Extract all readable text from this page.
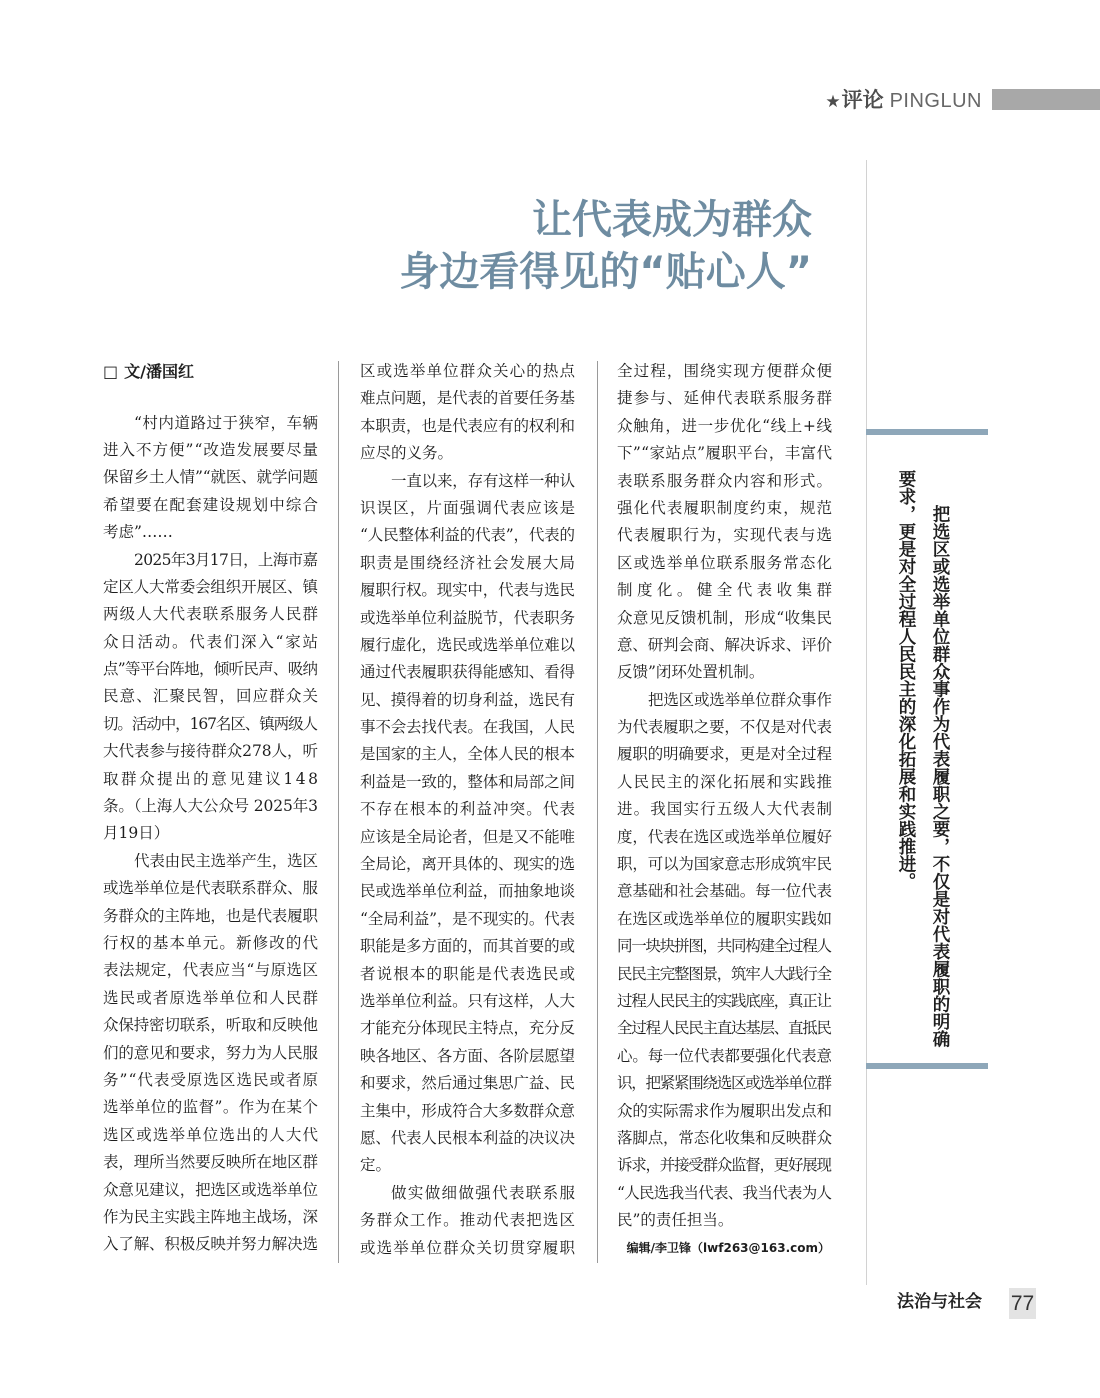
★评论 PINGLUN
让代表成为群众
身边看得见的“贴心人”
□ 文/潘国红
“村内道路过于狭窄，车辆
进入不方便”“改造发展要尽量
保留乡土人情”“就医、就学问题
希望要在配套建设规划中综合
考虑”……
2025年3月17日，上海市嘉
定区人大常委会组织开展区、镇
两级人大代表联系服务人民群
众日活动。代表们深入“家站
点”等平台阵地，倾听民声、吸纳
民意、汇聚民智，回应群众关
切。活动中，167名区、镇两级人
大代表参与接待群众278人，听
取群众提出的意见建议148
条。（上海人大公众号 2025年3
月19日）
代表由民主选举产生，选区
或选举单位是代表联系群众、服
务群众的主阵地，也是代表履职
行权的基本单元。新修改的代
表法规定，代表应当“与原选区
选民或者原选举单位和人民群
众保持密切联系，听取和反映他
们的意见和要求，努力为人民服
务”“代表受原选区选民或者原
选举单位的监督”。作为在某个
选区或选举单位选出的人大代
表，理所当然要反映所在地区群
众意见建议，把选区或选举单位
作为民主实践主阵地主战场，深
入了解、积极反映并努力解决选
区或选举单位群众关心的热点
难点问题，是代表的首要任务基
本职责，也是代表应有的权利和
应尽的义务。
一直以来，存有这样一种认
识误区，片面强调代表应该是
“人民整体利益的代表”，代表的
职责是围绕经济社会发展大局
履职行权。现实中，代表与选民
或选举单位利益脱节，代表职务
履行虚化，选民或选举单位难以
通过代表履职获得能感知、看得
见、摸得着的切身利益，选民有
事不会去找代表。在我国，人民
是国家的主人，全体人民的根本
利益是一致的，整体和局部之间
不存在根本的利益冲突。代表
应该是全局论者，但是又不能唯
全局论，离开具体的、现实的选
民或选举单位利益，而抽象地谈
“全局利益”，是不现实的。代表
职能是多方面的，而其首要的或
者说根本的职能是代表选民或
选举单位利益。只有这样，人大
才能充分体现民主特点，充分反
映各地区、各方面、各阶层愿望
和要求，然后通过集思广益、民
主集中，形成符合大多数群众意
愿、代表人民根本利益的决议决
定。
做实做细做强代表联系服
务群众工作。推动代表把选区
或选举单位群众关切贯穿履职
全过程，围绕实现方便群众便
捷参与、延伸代表联系服务群
众触角，进一步优化“线上+线
下”“家站点”履职平台，丰富代
表联系服务群众内容和形式。
强化代表履职制度约束，规范
代表履职行为，实现代表与选
区或选举单位联系服务常态化
制度化。健全代表收集群
众意见反馈机制，形成“收集民
意、研判会商、解决诉求、评价
反馈”闭环处置机制。
把选区或选举单位群众事作
为代表履职之要，不仅是对代表
履职的明确要求，更是对全过程
人民民主的深化拓展和实践推
进。我国实行五级人大代表制
度，代表在选区或选举单位履好
职，可以为国家意志形成筑牢民
意基础和社会基础。每一位代表
在选区或选举单位的履职实践如
同一块块拼图，共同构建全过程人
民民主完整图景，筑牢人大践行全
过程人民民主的实践底座，真正让
全过程人民民主直达基层、直抵民
心。每一位代表都要强化代表意
识，把紧紧围绕选区或选举单位群
众的实际需求作为履职出发点和
落脚点，常态化收集和反映群众
诉求，并接受群众监督，更好展现
“人民选我当代表、我当代表为人
民”的责任担当。
编辑/李卫锋（lwf263@163.com）
把选区或选举单位群众事作为代表履职之要，不仅是对代表履职的明确要求，更是对全过程人民民主的深化拓展和实践推进。
法治与社会 77
